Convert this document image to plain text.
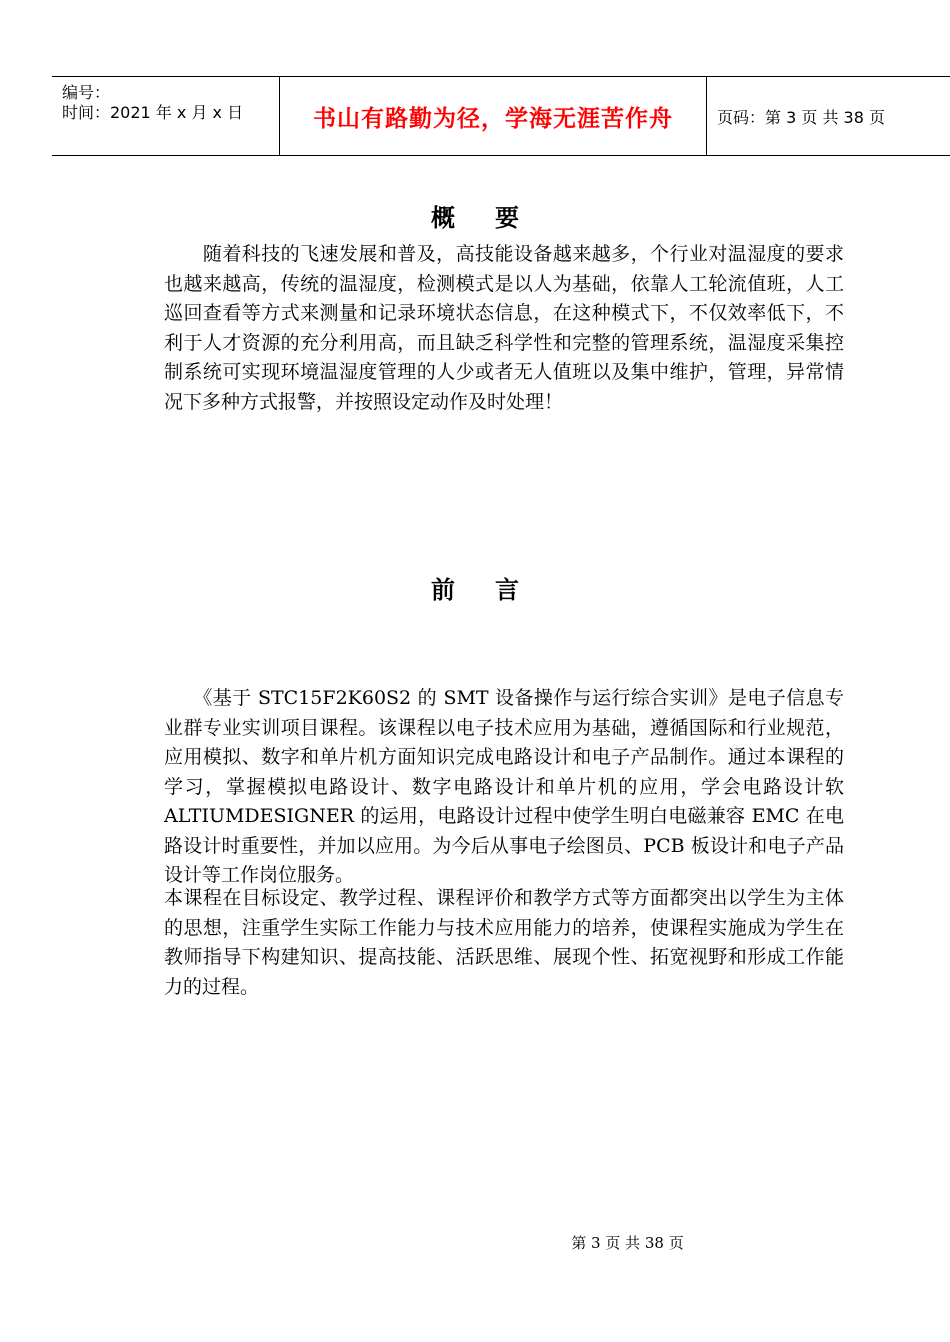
编号：
时间：2021 年 x 月 x 日	书山有路勤为径，学海无涯苦作舟	页码：第 3 页 共 38 页
概要

　　随着科技的飞速发展和普及，高技能设备越来越多，个行业对温湿度的要求也越来越高，传统的温湿度，检测模式是以人为基础，依靠人工轮流值班，人工巡回查看等方式来测量和记录环境状态信息，在这种模式下，不仅效率低下，不利于人才资源的充分利用高，而且缺乏科学性和完整的管理系统，温湿度采集控制系统可实现环境温湿度管理的人少或者无人值班以及集中维护，管理，异常情况下多种方式报警，并按照设定动作及时处理！

前言

　　《基于 STC15F2K60S2 的 SMT 设备操作与运行综合实训》是电子信息专业群专业实训项目课程。该课程以电子技术应用为基础，遵循国际和行业规范，应用模拟、数字和单片机方面知识完成电路设计和电子产品制作。通过本课程的学习，掌握模拟电路设计、数字电路设计和单片机的应用，学会电路设计软 ALTIUMDESIGNER 的运用，电路设计过程中使学生明白电磁兼容 EMC 在电路设计时重要性，并加以应用。为今后从事电子绘图员、PCB 板设计和电子产品设计等工作岗位服务。

本课程在目标设定、教学过程、课程评价和教学方式等方面都突出以学生为主体的思想，注重学生实际工作能力与技术应用能力的培养，使课程实施成为学生在教师指导下构建知识、提高技能、活跃思维、展现个性、拓宽视野和形成工作能力的过程。

第 3 页 共 38 页
